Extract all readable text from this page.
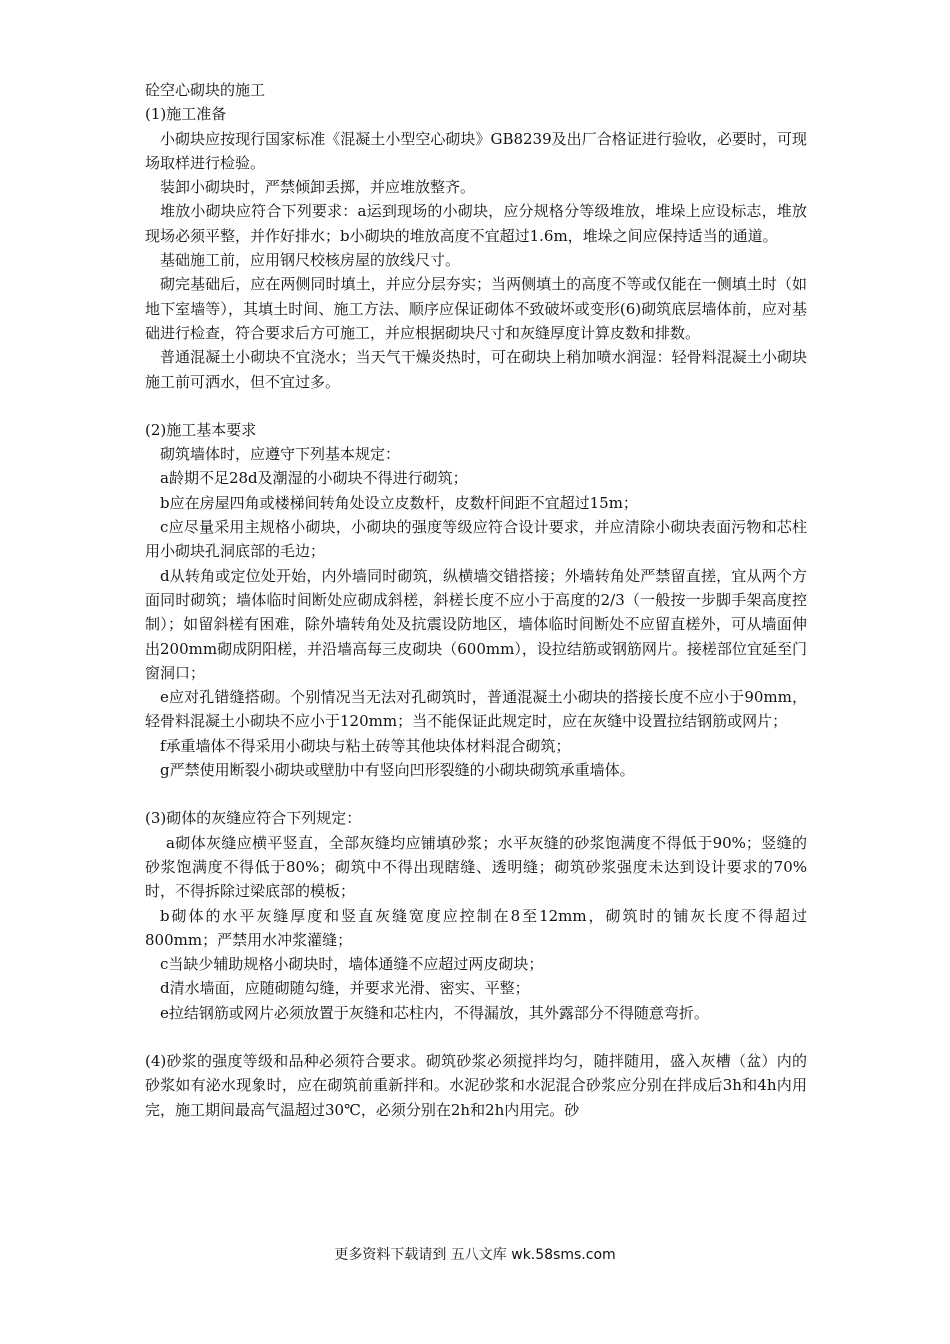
砼空心砌块的施工

(1)施工准备

小砌块应按现行国家标准《混凝土小型空心砌块》GB8239及出厂合格证进行验收，必要时，可现场取样进行检验。

装卸小砌块时，严禁倾卸丢掷，并应堆放整齐。

堆放小砌块应符合下列要求：a运到现场的小砌块，应分规格分等级堆放，堆垛上应设标志，堆放现场必须平整，并作好排水；b小砌块的堆放高度不宜超过1.6m，堆垛之间应保持适当的通道。

基础施工前，应用钢尺校核房屋的放线尺寸。

砌完基础后，应在两侧同时填土，并应分层夯实；当两侧填土的高度不等或仅能在一侧填土时（如地下室墙等），其填土时间、施工方法、顺序应保证砌体不致破坏或变形(6)砌筑底层墙体前，应对基础进行检查，符合要求后方可施工，并应根据砌块尺寸和灰缝厚度计算皮数和排数。

普通混凝土小砌块不宜浇水；当天气干燥炎热时，可在砌块上稍加喷水润湿：轻骨料混凝土小砌块施工前可洒水，但不宜过多。

(2)施工基本要求

砌筑墙体时，应遵守下列基本规定：

a龄期不足28d及潮湿的小砌块不得进行砌筑；

b应在房屋四角或楼梯间转角处设立皮数杆，皮数杆间距不宜超过15m；

c应尽量采用主规格小砌块，小砌块的强度等级应符合设计要求，并应清除小砌块表面污物和芯柱用小砌块孔洞底部的毛边；

d从转角或定位处开始，内外墙同时砌筑，纵横墙交错搭接；外墙转角处严禁留直搓，宜从两个方面同时砌筑；墙体临时间断处应砌成斜槎，斜槎长度不应小于高度的2/3（一般按一步脚手架高度控制）；如留斜槎有困难，除外墙转角处及抗震设防地区，墙体临时间断处不应留直槎外，可从墙面伸出200mm砌成阴阳槎，并沿墙高每三皮砌块（600mm），设拉结筋或钢筋网片。接槎部位宜延至门窗洞口；

e应对孔错缝搭砌。个别情况当无法对孔砌筑时，普通混凝土小砌块的搭接长度不应小于90mm，轻骨料混凝土小砌块不应小于120mm；当不能保证此规定时，应在灰缝中设置拉结钢筋或网片；

f承重墙体不得采用小砌块与粘土砖等其他块体材料混合砌筑；

g严禁使用断裂小砌块或壁肋中有竖向凹形裂缝的小砌块砌筑承重墙体。

(3)砌体的灰缝应符合下列规定：

a砌体灰缝应横平竖直，全部灰缝均应铺填砂浆；水平灰缝的砂浆饱满度不得低于90%；竖缝的砂浆饱满度不得低于80%；砌筑中不得出现瞎缝、透明缝；砌筑砂浆强度未达到设计要求的70%时，不得拆除过梁底部的模板；

b砌体的水平灰缝厚度和竖直灰缝宽度应控制在8至12mm，砌筑时的铺灰长度不得超过800mm；严禁用水冲浆灌缝；

c当缺少辅助规格小砌块时，墙体通缝不应超过两皮砌块；

d清水墙面，应随砌随勾缝，并要求光滑、密实、平整；

e拉结钢筋或网片必须放置于灰缝和芯柱内，不得漏放，其外露部分不得随意弯折。

(4)砂浆的强度等级和品种必须符合要求。砌筑砂浆必须搅拌均匀，随拌随用，盛入灰槽（盆）内的砂浆如有泌水现象时，应在砌筑前重新拌和。水泥砂浆和水泥混合砂浆应分别在拌成后3h和4h内用完，施工期间最高气温超过30℃，必须分别在2h和2h内用完。砂

更多资料下载请到 五八文库 wk.58sms.com
